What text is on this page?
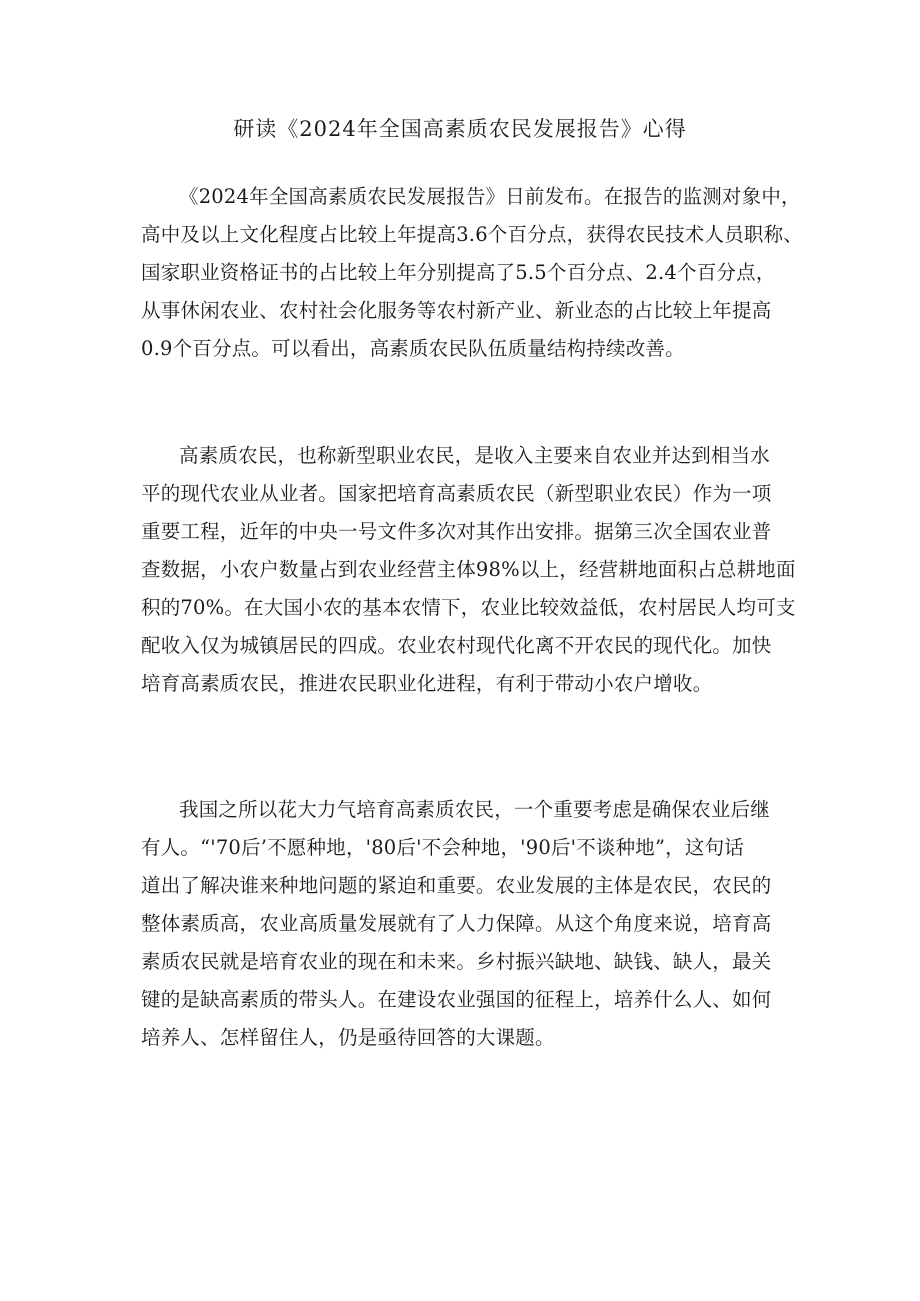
研读《2024年全国高素质农民发展报告》心得
《2024年全国高素质农民发展报告》日前发布。在报告的监测对象中，
高中及以上文化程度占比较上年提高3.6个百分点，获得农民技术人员职称、
国家职业资格证书的占比较上年分别提高了5.5个百分点、2.4个百分点，
从事休闲农业、农村社会化服务等农村新产业、新业态的占比较上年提高
0.9个百分点。可以看出，高素质农民队伍质量结构持续改善。
高素质农民，也称新型职业农民，是收入主要来自农业并达到相当水
平的现代农业从业者。国家把培育高素质农民（新型职业农民）作为一项
重要工程，近年的中央一号文件多次对其作出安排。据第三次全国农业普
查数据，小农户数量占到农业经营主体98%以上，经营耕地面积占总耕地面
积的70%。在大国小农的基本农情下，农业比较效益低，农村居民人均可支
配收入仅为城镇居民的四成。农业农村现代化离不开农民的现代化。加快
培育高素质农民，推进农民职业化进程，有利于带动小农户增收。
我国之所以花大力气培育高素质农民，一个重要考虑是确保农业后继
有人。“'70后’不愿种地，'80后'不会种地，'90后'不谈种地”，这句话
道出了解决谁来种地问题的紧迫和重要。农业发展的主体是农民，农民的
整体素质高，农业高质量发展就有了人力保障。从这个角度来说，培育高
素质农民就是培育农业的现在和未来。乡村振兴缺地、缺钱、缺人，最关
键的是缺高素质的带头人。在建设农业强国的征程上，培养什么人、如何
培养人、怎样留住人，仍是亟待回答的大课题。
